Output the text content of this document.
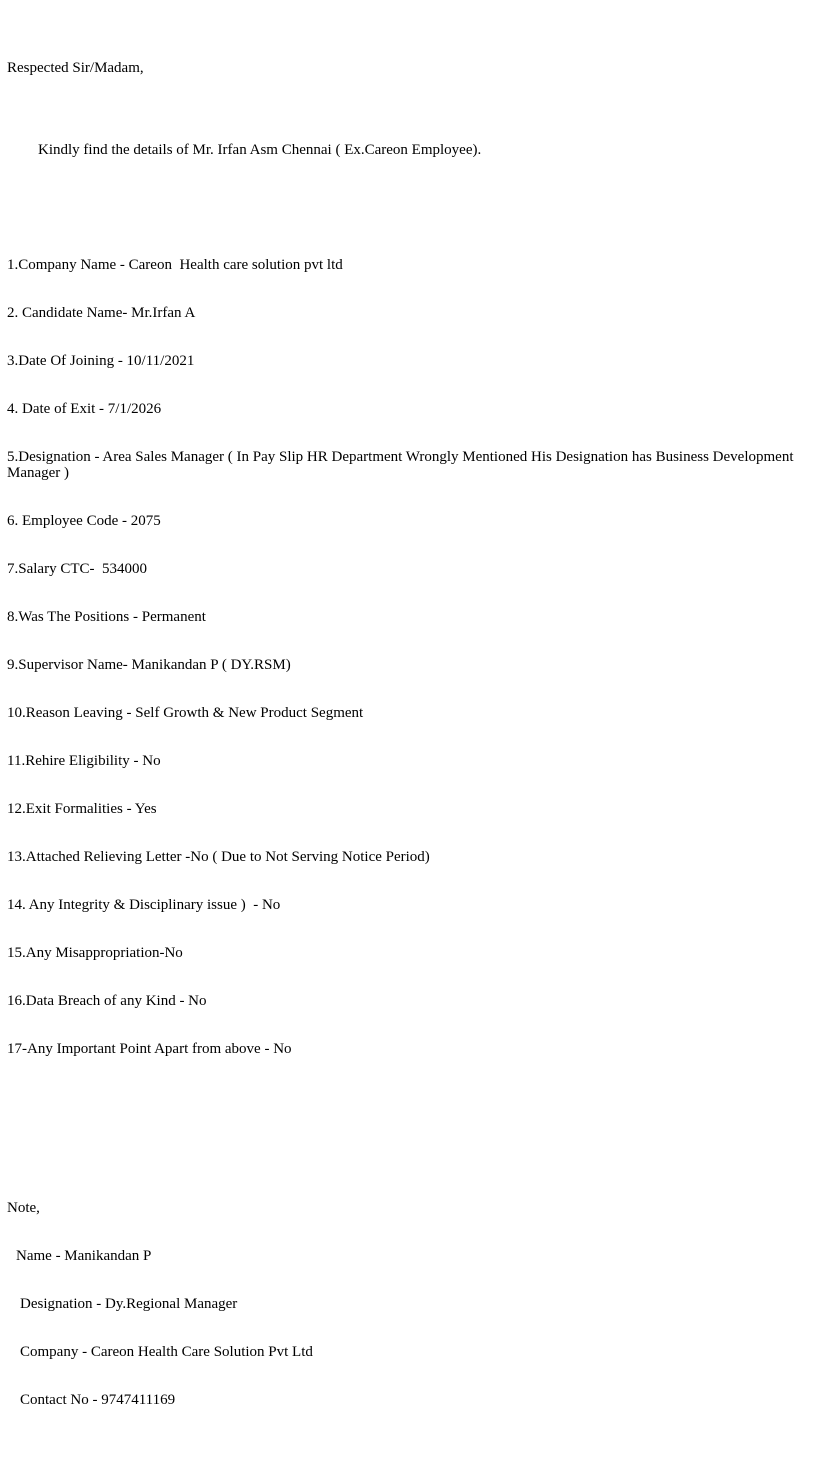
Respected Sir/Madam,

Kindly find the details of Mr. Irfan Asm Chennai ( Ex.Careon Employee).

1.Company Name - Careon  Health care solution pvt ltd

2. Candidate Name- Mr.Irfan A

3.Date Of Joining - 10/11/2021

4. Date of Exit - 7/1/2026

5.Designation - Area Sales Manager ( In Pay Slip HR Department Wrongly Mentioned His Designation has Business Development Manager )

6. Employee Code - 2075

7.Salary CTC-  534000

8.Was The Positions - Permanent

9.Supervisor Name- Manikandan P ( DY.RSM)

10.Reason Leaving - Self Growth & New Product Segment

11.Rehire Eligibility - No

12.Exit Formalities - Yes

13.Attached Relieving Letter -No ( Due to Not Serving Notice Period)

14. Any Integrity & Disciplinary issue )  - No

15.Any Misappropriation-No

16.Data Breach of any Kind - No

17-Any Important Point Apart from above - No

Note,

Name - Manikandan P

Designation - Dy.Regional Manager

Company - Careon Health Care Solution Pvt Ltd

Contact No - 9747411169
